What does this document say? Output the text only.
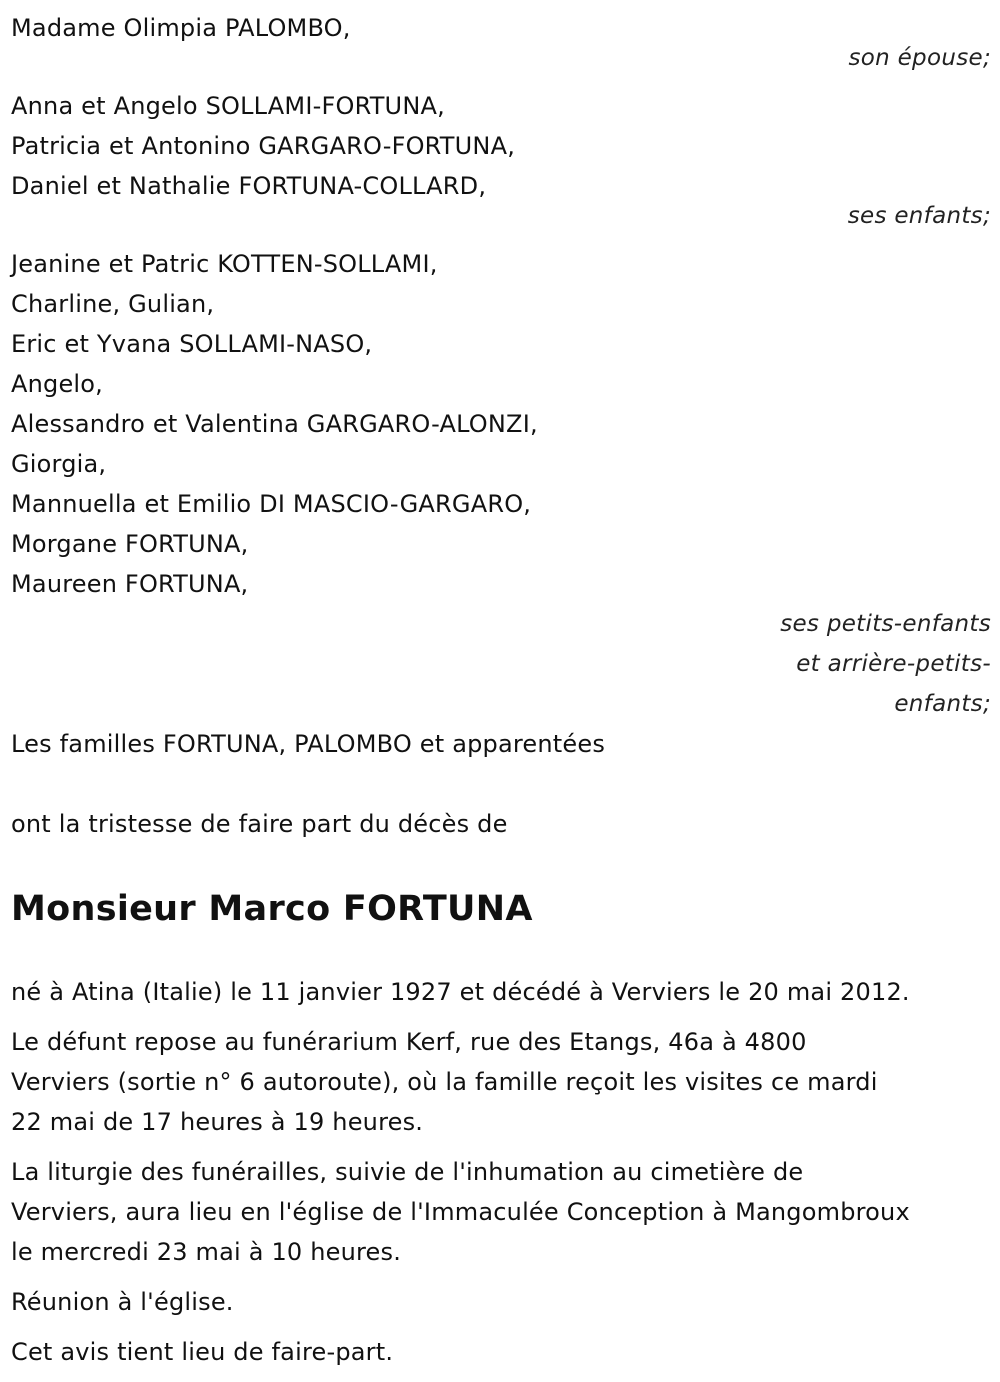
Madame Olimpia PALOMBO,
son épouse;
Anna et Angelo SOLLAMI-FORTUNA,
Patricia et Antonino GARGARO-FORTUNA,
Daniel et Nathalie FORTUNA-COLLARD,
ses enfants;
Jeanine et Patric KOTTEN-SOLLAMI,
Charline, Gulian,
Eric et Yvana SOLLAMI-NASO,
Angelo,
Alessandro et Valentina GARGARO-ALONZI,
Giorgia,
Mannuella et Emilio DI MASCIO-GARGARO,
Morgane FORTUNA,
Maureen FORTUNA,
ses petits-enfants
et arrière-petits-
enfants;
Les familles FORTUNA, PALOMBO et apparentées
ont la tristesse de faire part du décès de
Monsieur Marco FORTUNA
né à Atina (Italie) le 11 janvier 1927 et décédé à Verviers le 20 mai 2012.
Le défunt repose au funérarium Kerf, rue des Etangs, 46a à 4800
Verviers (sortie n° 6 autoroute), où la famille reçoit les visites ce mardi
22 mai de 17 heures à 19 heures.
La liturgie des funérailles, suivie de l'inhumation au cimetière de
Verviers, aura lieu en l'église de l'Immaculée Conception à Mangombroux
le mercredi 23 mai à 10 heures.
Réunion à l'église.
Cet avis tient lieu de faire-part.
